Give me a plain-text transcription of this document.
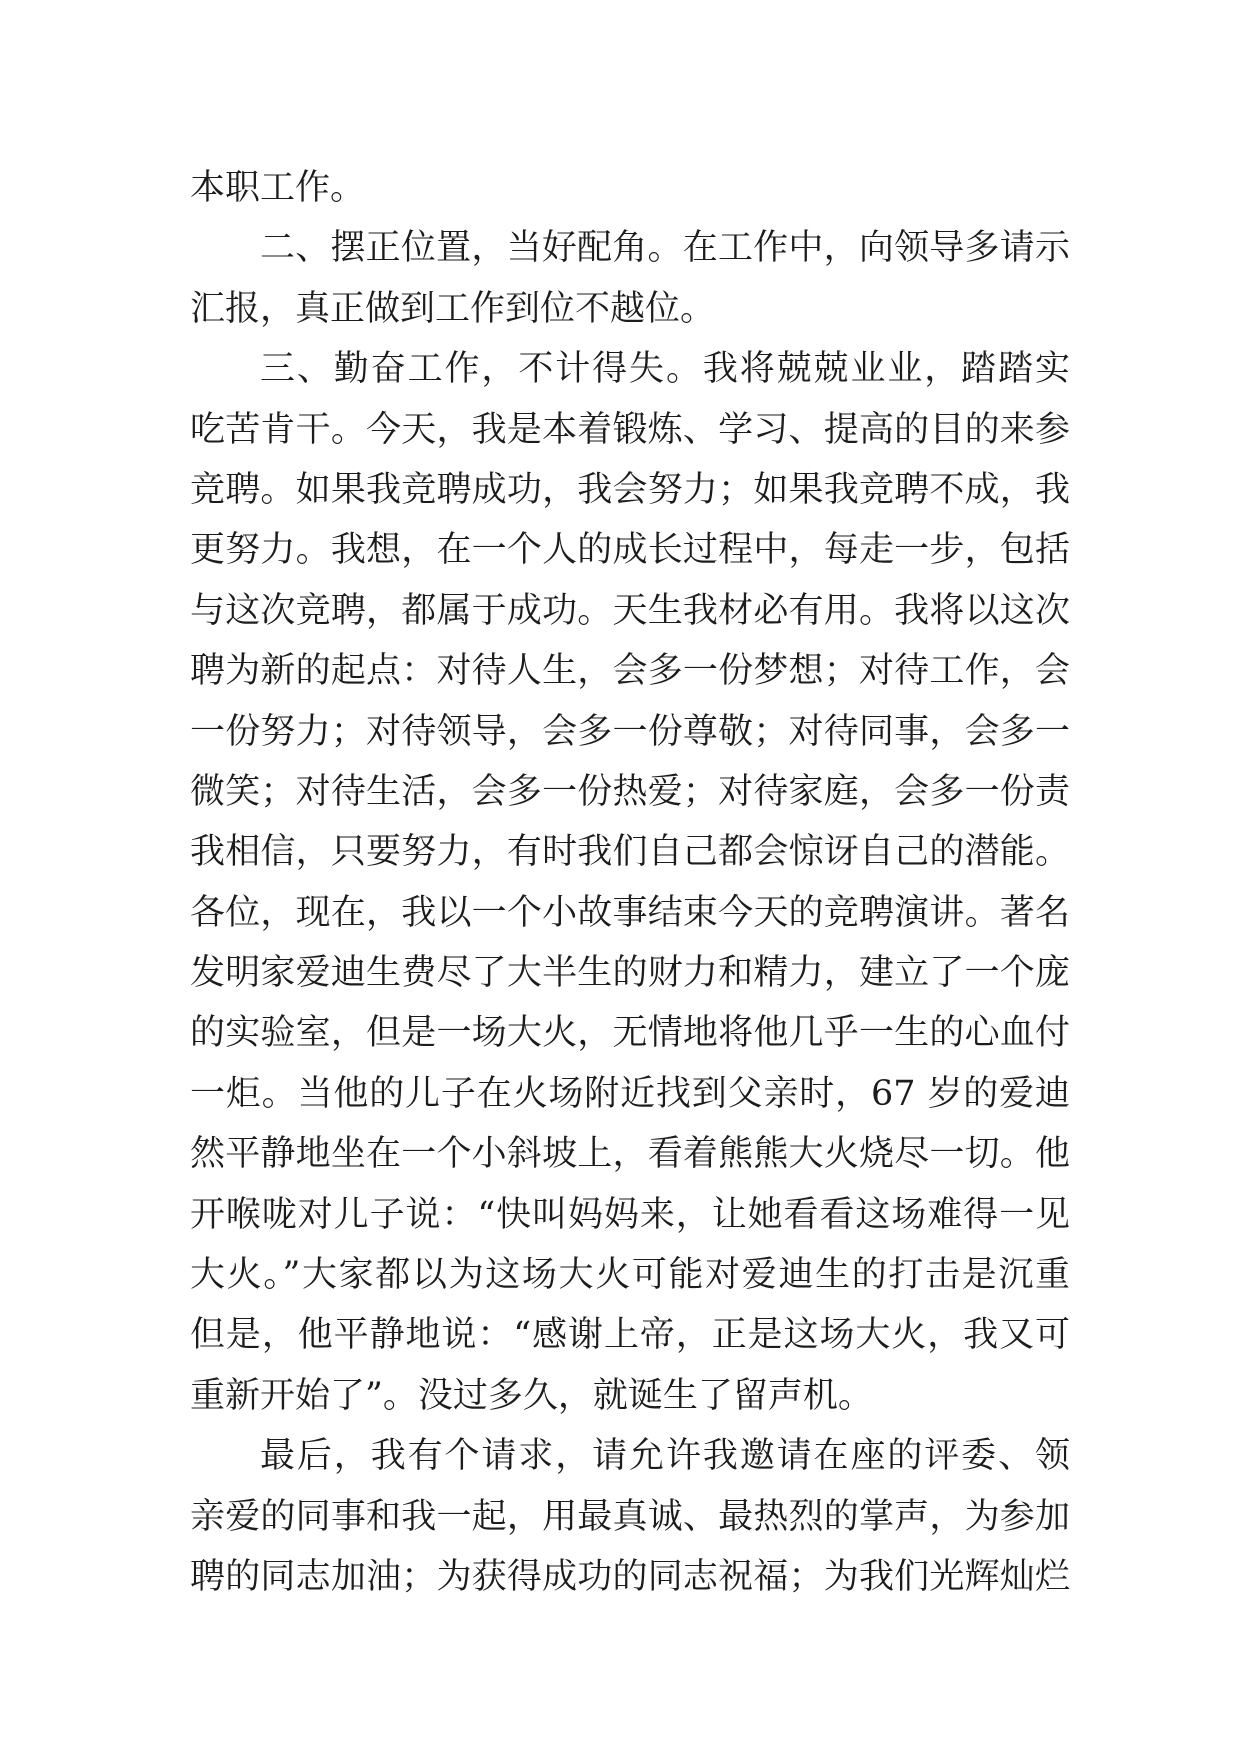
本职工作。
二、摆正位置，当好配角。在工作中，向领导多请示
汇报，真正做到工作到位不越位。
三、勤奋工作，不计得失。我将兢兢业业，踏踏实
吃苦肯干。今天，我是本着锻炼、学习、提高的目的来参
竞聘。如果我竞聘成功，我会努力；如果我竞聘不成，我
更努力。我想，在一个人的成长过程中，每走一步，包括
与这次竞聘，都属于成功。天生我材必有用。我将以这次
聘为新的起点：对待人生，会多一份梦想；对待工作，会
一份努力；对待领导，会多一份尊敬；对待同事，会多一
微笑；对待生活，会多一份热爱；对待家庭，会多一份责
我相信，只要努力，有时我们自己都会惊讶自己的潜能。
各位，现在，我以一个小故事结束今天的竞聘演讲。著名
发明家爱迪生费尽了大半生的财力和精力，建立了一个庞
的实验室，但是一场大火，无情地将他几乎一生的心血付
一炬。当他的儿子在火场附近找到父亲时，67 岁的爱迪
然平静地坐在一个小斜坡上，看着熊熊大火烧尽一切。他
开喉咙对儿子说：“快叫妈妈来，让她看看这场难得一见
大火。”大家都以为这场大火可能对爱迪生的打击是沉重
但是，他平静地说：“感谢上帝，正是这场大火，我又可
重新开始了”。没过多久，就诞生了留声机。
最后，我有个请求，请允许我邀请在座的评委、领
亲爱的同事和我一起，用最真诚、最热烈的掌声，为参加
聘的同志加油；为获得成功的同志祝福；为我们光辉灿烂
